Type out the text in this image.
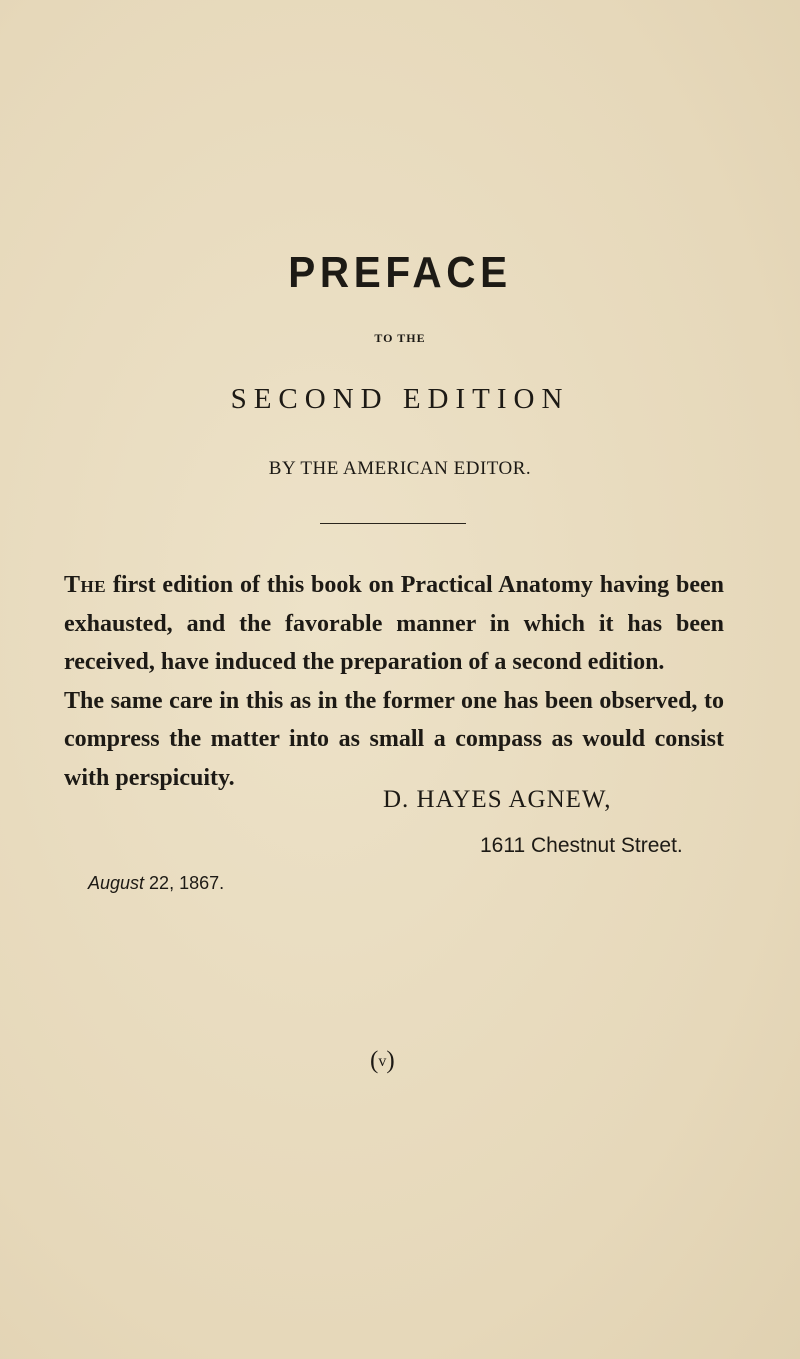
PREFACE
TO THE
SECOND EDITION
BY THE AMERICAN EDITOR.

The first edition of this book on Practical Anatomy having been exhausted, and the favorable manner in which it has been received, have induced the preparation of a second edition.

The same care in this as in the former one has been observed, to compress the matter into as small a compass as would consist with perspicuity.

D. HAYES AGNEW,
1611 Chestnut Street.
August 22, 1867.
(v)
